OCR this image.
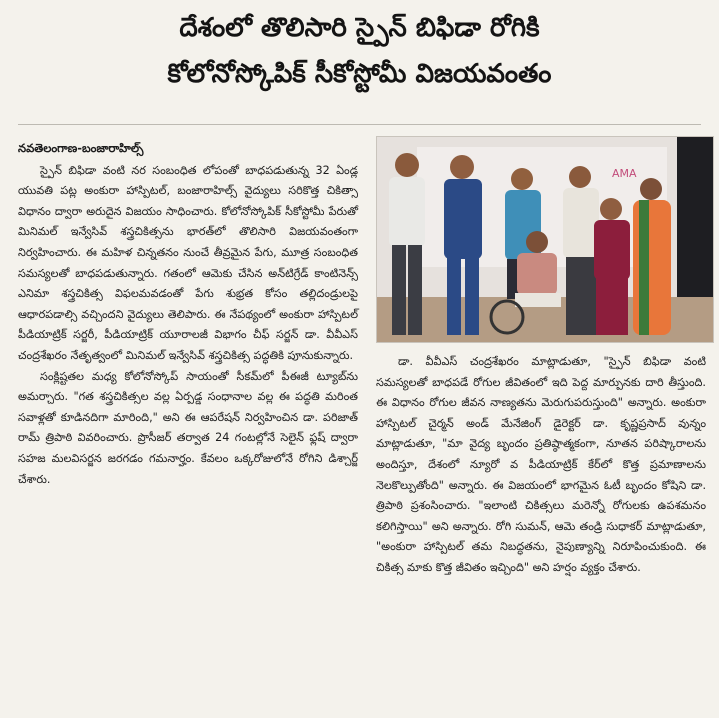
దేశంలో తొలిసారి స్పైన్ బిఫిడా రోగికి
కోలోనోస్కోపిక్ సీకోస్టోమీ విజయవంతం
నవతెలంగాణ-బంజారాహిల్స్

స్పైన్ బిఫిడా వంటి నర సంబంధిత లోపంతో బాధపడుతున్న 32 ఏండ్ల యువతి పట్ల అంకురా హాస్పిటల్, బంజారాహిల్స్ వైద్యులు సరికొత్త చికిత్సా విధానం ద్వారా అరుదైన విజయం సాధించారు. కోలోనోస్కోపిక్ సీకోస్టోమీ పేరుతో మినిమల్ ఇన్వేసివ్ శస్త్రచికిత్సను భారత్‌లో తొలిసారి విజయవంతంగా నిర్వహించారు. ఈ మహిళ చిన్నతనం నుంచే తీవ్రమైన పేగు, మూత్ర సంబంధిత సమస్యలతో బాధపడుతున్నారు. గతంలో ఆమెకు చేసిన అన్‌టిగ్రేడ్ కాంటినెన్స్ ఎనిమా శస్త్రచికిత్స విఫలమవడంతో పేగు శుభ్రత కోసం తల్లిదండ్రులపై ఆధారపడాల్సి వచ్చిందని వైద్యులు తెలిపారు. ఈ నేపథ్యంలో అంకురా హాస్పిటల్ పీడియాట్రిక్ సర్జరీ, పీడియాట్రిక్ యూరాలజీ విభాగం చీఫ్ సర్జన్ డా. వీవీఎస్ చంద్రశేఖరం నేతృత్వంలో మినిమల్ ఇన్వేసివ్ శస్త్రచికిత్స పద్ధతికి పూనుకున్నారు.

సంక్లిష్టతల మధ్య కోలోనోస్కోప్ సాయంతో సీకమ్‌లో పీఈజీ ట్యూబ్‌ను అమర్చారు. "గత శస్త్రచికిత్సల వల్ల ఏర్పడ్డ సంధానాల వల్ల ఈ పద్ధతి మరింత సవాళ్లతో కూడినదిగా మారింది," అని ఈ ఆపరేషన్ నిర్వహించిన డా. పరిజాత్ రామ్ త్రిపాఠి వివరించారు. ప్రొసీజర్ తర్వాత 24 గంటల్లోనే సెలైన్ ఫ్లష్ ద్వారా సహజ మలవిసర్జన జరగడం గమనార్హం. కేవలం ఒక్కరోజులోనే రోగిని డిశ్చార్జ్ చేశారు.

AMA

డా. వీవీఎస్ చంద్రశేఖరం మాట్లాడుతూ, "స్పైన్ బిఫిడా వంటి సమస్యలతో బాధపడే రోగుల జీవితంలో ఇది పెద్ద మార్పునకు దారి తీస్తుంది. ఈ విధానం రోగుల జీవన నాణ్యతను మెరుగుపరుస్తుంది" అన్నారు. అంకురా హాస్పిటల్ చైర్మన్ అండ్ మేనేజింగ్ డైరెక్టర్ డా. కృష్ణప్రసాద్ వున్నం మాట్లాడుతూ, "మా వైద్య బృందం ప్రతిష్ఠాత్మకంగా, నూతన పరిష్కారాలను అందిస్తూ, దేశంలో న్యూరో వ పీడియాట్రిక్ కేర్‌లో కొత్త ప్రమాణాలను నెలకొల్పుతోంది" అన్నారు. ఈ విజయంలో భాగమైన ఓటీ బృందం కోషిని డా. త్రిపాఠి ప్రశంసించారు. "ఇలాంటి చికిత్సలు మరెన్నో రోగులకు ఉపశమనం కలిగిస్తాయి" అని అన్నారు. రోగి సుమన్, ఆమె తండ్రి సుధాకర్ మాట్లాడుతూ, "అంకురా హాస్పిటల్ తమ నిబద్ధతను, నైపుణ్యాన్ని నిరూపించుకుంది. ఈ చికిత్స మాకు కొత్త జీవితం ఇచ్చింది" అని హర్షం వ్యక్తం చేశారు.
